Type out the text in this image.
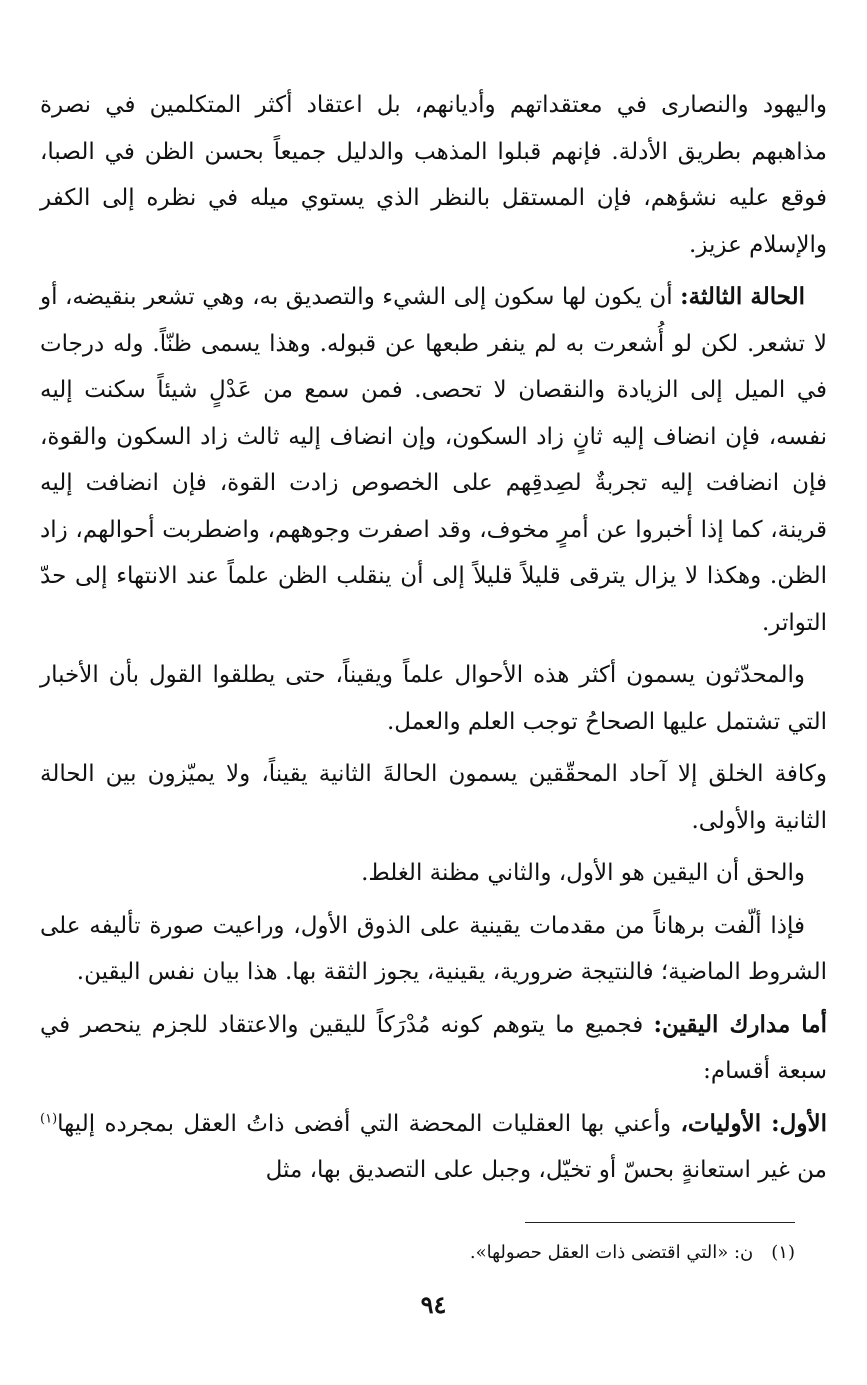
واليهود والنصارى في معتقداتهم وأديانهم، بل اعتقاد أكثر المتكلمين في نصرة مذاهبهم بطريق الأدلة. فإنهم قبلوا المذهب والدليل جميعاً بحسن الظن في الصبا، فوقع عليه نشؤهم، فإن المستقل بالنظر الذي يستوي ميله في نظره إلى الكفر والإسلام عزيز.

الحالة الثالثة: أن يكون لها سكون إلى الشيء والتصديق به، وهي تشعر بنقيضه، أو لا تشعر. لكن لو أُشعرت به لم ينفر طبعها عن قبوله. وهذا يسمى ظنّاً. وله درجات في الميل إلى الزيادة والنقصان لا تحصى. فمن سمع من عَدْلٍ شيئاً سكنت إليه نفسه، فإن انضاف إليه ثانٍ زاد السكون، وإن انضاف إليه ثالث زاد السكون والقوة، فإن انضافت إليه تجربةٌ لصِدقِهم على الخصوص زادت القوة، فإن انضافت إليه قرينة، كما إذا أخبروا عن أمرٍ مخوف، وقد اصفرت وجوههم، واضطربت أحوالهم، زاد الظن. وهكذا لا يزال يترقى قليلاً قليلاً إلى أن ينقلب الظن علماً عند الانتهاء إلى حدّ التواتر.

والمحدّثون يسمون أكثر هذه الأحوال علماً ويقيناً، حتى يطلقوا القول بأن الأخبار التي تشتمل عليها الصحاحُ توجب العلم والعمل.

وكافة الخلق إلا آحاد المحقّقين يسمون الحالةَ الثانية يقيناً، ولا يميّزون بين الحالة الثانية والأولى.

والحق أن اليقين هو الأول، والثاني مظنة الغلط.

فإذا ألّفت برهاناً من مقدمات يقينية على الذوق الأول، وراعيت صورة تأليفه على الشروط الماضية؛ فالنتيجة ضرورية، يقينية، يجوز الثقة بها. هذا بيان نفس اليقين.

أما مدارك اليقين: فجميع ما يتوهم كونه مُدْرَكاً لليقين والاعتقاد للجزم ينحصر في سبعة أقسام:

الأول: الأوليات، وأعني بها العقليات المحضة التي أفضى ذاتُ العقل بمجرده إليها$^{(١)}$ من غير استعانةٍ بحسّ أو تخيّل، وجبل على التصديق بها، مثل

(١)ن: «التي اقتضى ذات العقل حصولها».
٩٤
